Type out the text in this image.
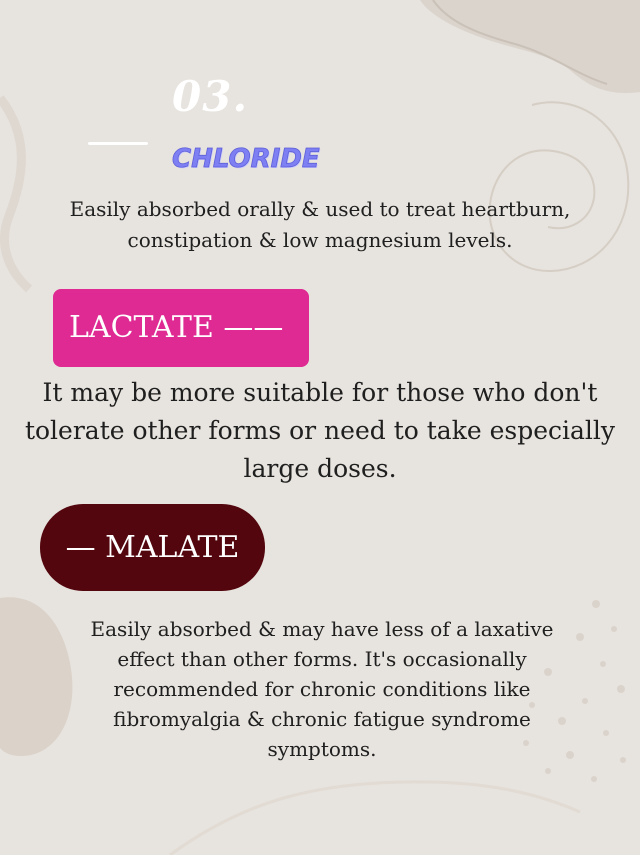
03.
CHLORIDE

Easily absorbed orally & used to treat heartburn, constipation & low magnesium levels.

LACTATE ——

It may be more suitable for those who don't tolerate other forms or need to take especially large doses.

— MALATE

Easily absorbed & may have less of a laxative effect than other forms. It's occasionally recommended for chronic conditions like fibromyalgia & chronic fatigue syndrome symptoms.
